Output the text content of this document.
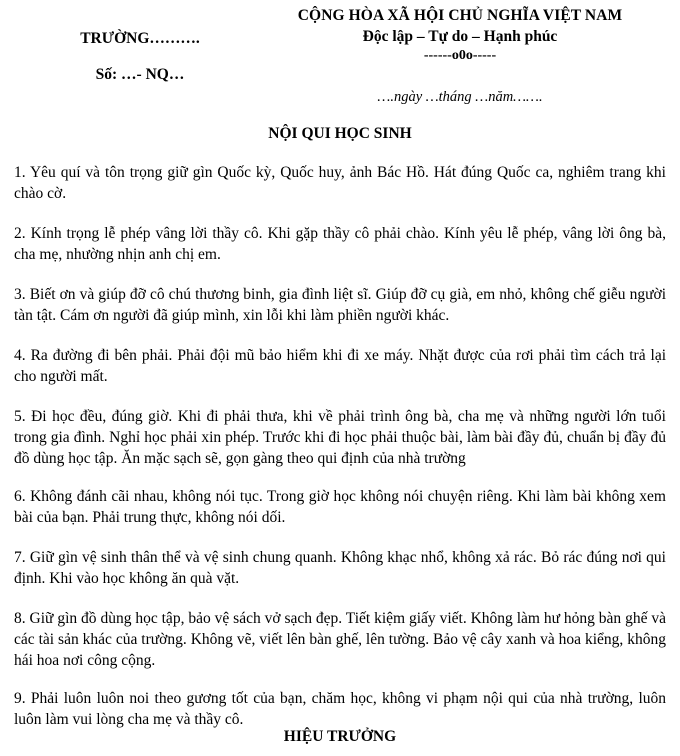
TRƯỜNG……….
Số: …- NQ…
CỘNG HÒA XÃ HỘI CHỦ NGHĨA VIỆT NAM
Độc lập – Tự do – Hạnh phúc
------o0o-----
….ngày …tháng …năm…….
NỘI QUI HỌC SINH
1. Yêu quí và tôn trọng giữ gìn Quốc kỳ, Quốc huy, ảnh Bác Hồ. Hát đúng Quốc ca, nghiêm trang khi chào cờ.
2. Kính trọng lễ phép vâng lời thầy cô. Khi gặp thầy cô phải chào. Kính yêu lễ phép, vâng lời ông bà, cha mẹ, nhường nhịn anh chị em.
3. Biết ơn và giúp đỡ cô chú thương binh, gia đình liệt sĩ. Giúp đỡ cụ già, em nhỏ, không chế giễu người tàn tật. Cám ơn người đã giúp mình, xin lỗi khi làm phiền người khác.
4. Ra đường đi bên phải. Phải đội mũ bảo hiểm khi đi xe máy. Nhặt được của rơi phải tìm cách trả lại cho người mất.
5. Đi học đều, đúng giờ. Khi đi phải thưa, khi về phải trình ông bà, cha mẹ và những người lớn tuổi trong gia đình. Nghỉ học phải xin phép. Trước khi đi học phải thuộc bài, làm bài đầy đủ, chuẩn bị đầy đủ đồ dùng học tập. Ăn mặc sạch sẽ, gọn gàng theo qui định của nhà trường
6. Không đánh cãi nhau, không nói tục. Trong giờ học không nói chuyện riêng. Khi làm bài không xem bài của bạn. Phải trung thực, không nói dối.
7. Giữ gìn vệ sinh thân thể và vệ sinh chung quanh. Không khạc nhổ, không xả rác. Bỏ rác đúng nơi qui định. Khi vào học không ăn quà vặt.
8. Giữ gìn đồ dùng học tập, bảo vệ sách vở sạch đẹp. Tiết kiệm giấy viết. Không làm hư hỏng bàn ghế và các tài sản khác của trường. Không vẽ, viết lên bàn ghế, lên tường. Bảo vệ cây xanh và hoa kiểng, không hái hoa nơi công cộng.
9. Phải luôn luôn noi theo gương tốt của bạn, chăm học, không vi phạm nội qui của nhà trường, luôn luôn làm vui lòng cha mẹ và thầy cô.
HIỆU TRƯỞNG
